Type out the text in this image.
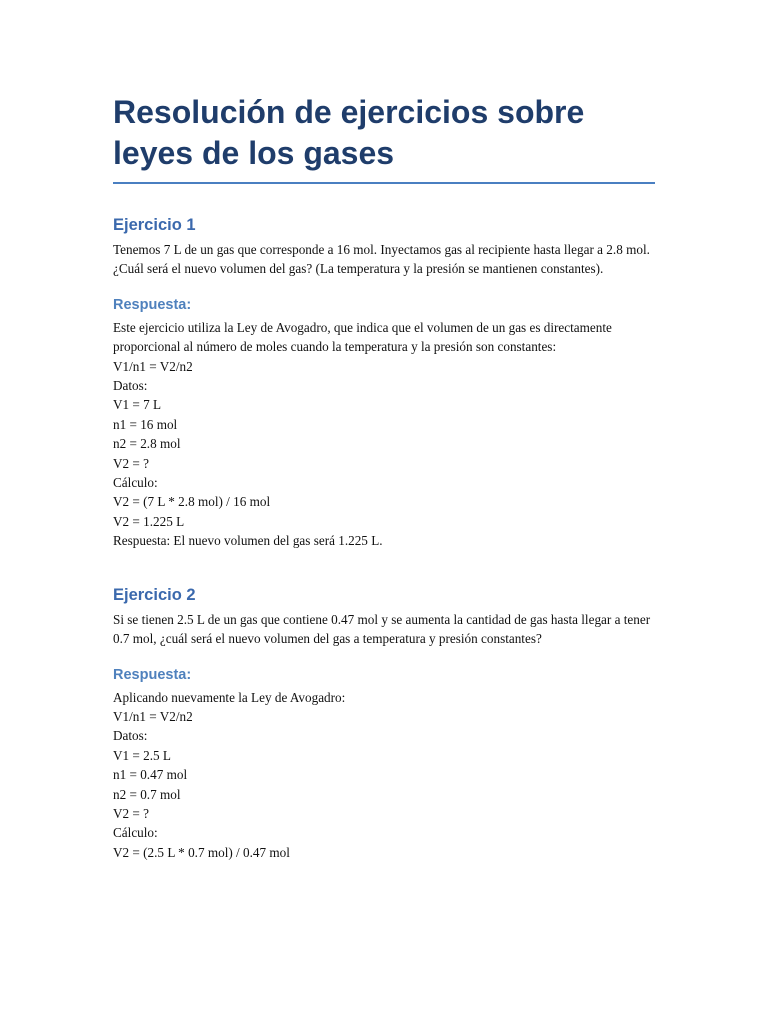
Resolución de ejercicios sobre leyes de los gases
Ejercicio 1

Tenemos 7 L de un gas que corresponde a 16 mol. Inyectamos gas al recipiente hasta llegar a 2.8 mol. ¿Cuál será el nuevo volumen del gas? (La temperatura y la presión se mantienen constantes).

Respuesta:

Este ejercicio utiliza la Ley de Avogadro, que indica que el volumen de un gas es directamente proporcional al número de moles cuando la temperatura y la presión son constantes:

V1/n1 = V2/n2

Datos:

V1 = 7 L

n1 = 16 mol

n2 = 2.8 mol

V2 = ?

Cálculo:

V2 = (7 L * 2.8 mol) / 16 mol

V2 = 1.225 L

Respuesta: El nuevo volumen del gas será 1.225 L.

Ejercicio 2

Si se tienen 2.5 L de un gas que contiene 0.47 mol y se aumenta la cantidad de gas hasta llegar a tener 0.7 mol, ¿cuál será el nuevo volumen del gas a temperatura y presión constantes?

Respuesta:

Aplicando nuevamente la Ley de Avogadro:

V1/n1 = V2/n2

Datos:

V1 = 2.5 L

n1 = 0.47 mol

n2 = 0.7 mol

V2 = ?

Cálculo:

V2 = (2.5 L * 0.7 mol) / 0.47 mol
